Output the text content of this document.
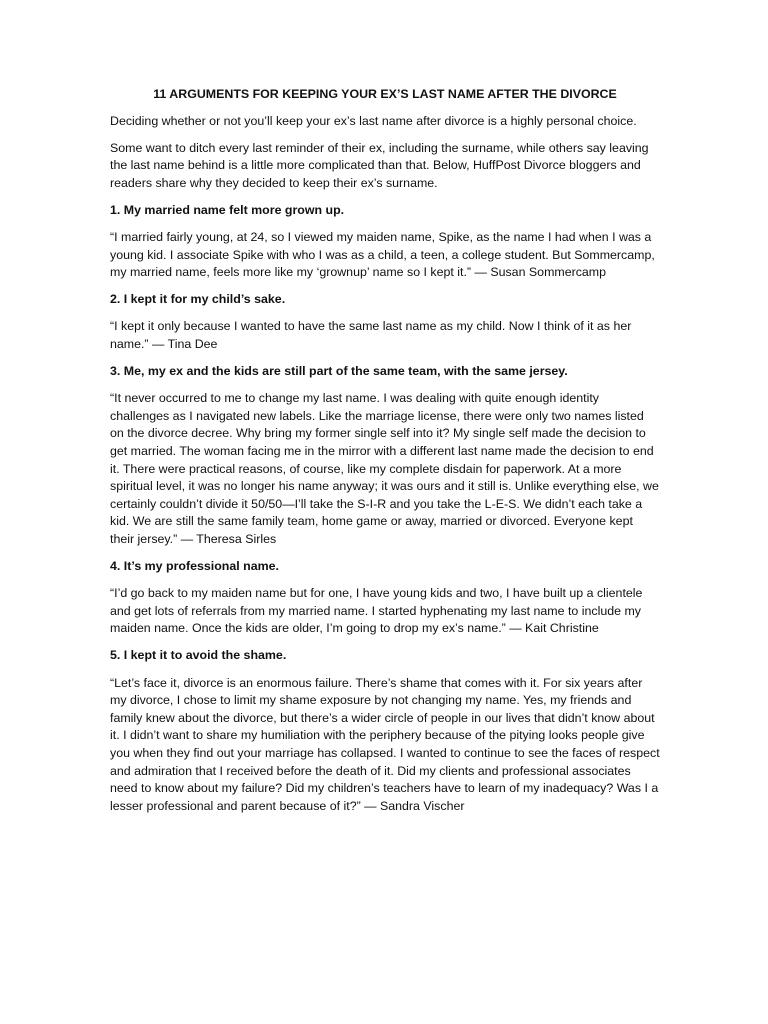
11 ARGUMENTS FOR KEEPING YOUR EX’S LAST NAME AFTER THE DIVORCE

Deciding whether or not you’ll keep your ex’s last name after divorce is a highly personal choice.

Some want to ditch every last reminder of their ex, including the surname, while others say leaving the last name behind is a little more complicated than that. Below, HuffPost Divorce bloggers and readers share why they decided to keep their ex’s surname.

1. My married name felt more grown up.

“I married fairly young, at 24, so I viewed my maiden name, Spike, as the name I had when I was a young kid. I associate Spike with who I was as a child, a teen, a college student. But Sommercamp, my married name, feels more like my ‘grownup’ name so I kept it.” — Susan Sommercamp

2. I kept it for my child’s sake.

“I kept it only because I wanted to have the same last name as my child. Now I think of it as her name.” — Tina Dee

3. Me, my ex and the kids are still part of the same team, with the same jersey.

“It never occurred to me to change my last name. I was dealing with quite enough identity challenges as I navigated new labels. Like the marriage license, there were only two names listed on the divorce decree. Why bring my former single self into it? My single self made the decision to get married. The woman facing me in the mirror with a different last name made the decision to end it. There were practical reasons, of course, like my complete disdain for paperwork. At a more spiritual level, it was no longer his name anyway; it was ours and it still is. Unlike everything else, we certainly couldn’t divide it 50/50—I’ll take the S-I-R and you take the L-E-S. We didn’t each take a kid. We are still the same family team, home game or away, married or divorced. Everyone kept their jersey.” — Theresa Sirles

4. It’s my professional name.

“I’d go back to my maiden name but for one, I have young kids and two, I have built up a clientele and get lots of referrals from my married name. I started hyphenating my last name to include my maiden name. Once the kids are older, I’m going to drop my ex’s name.” — Kait Christine

5. I kept it to avoid the shame.

“Let’s face it, divorce is an enormous failure. There’s shame that comes with it. For six years after my divorce, I chose to limit my shame exposure by not changing my name. Yes, my friends and family knew about the divorce, but there’s a wider circle of people in our lives that didn’t know about it. I didn’t want to share my humiliation with the periphery because of the pitying looks people give you when they find out your marriage has collapsed. I wanted to continue to see the faces of respect and admiration that I received before the death of it. Did my clients and professional associates need to know about my failure? Did my children’s teachers have to learn of my inadequacy? Was I a lesser professional and parent because of it?” — Sandra Vischer
